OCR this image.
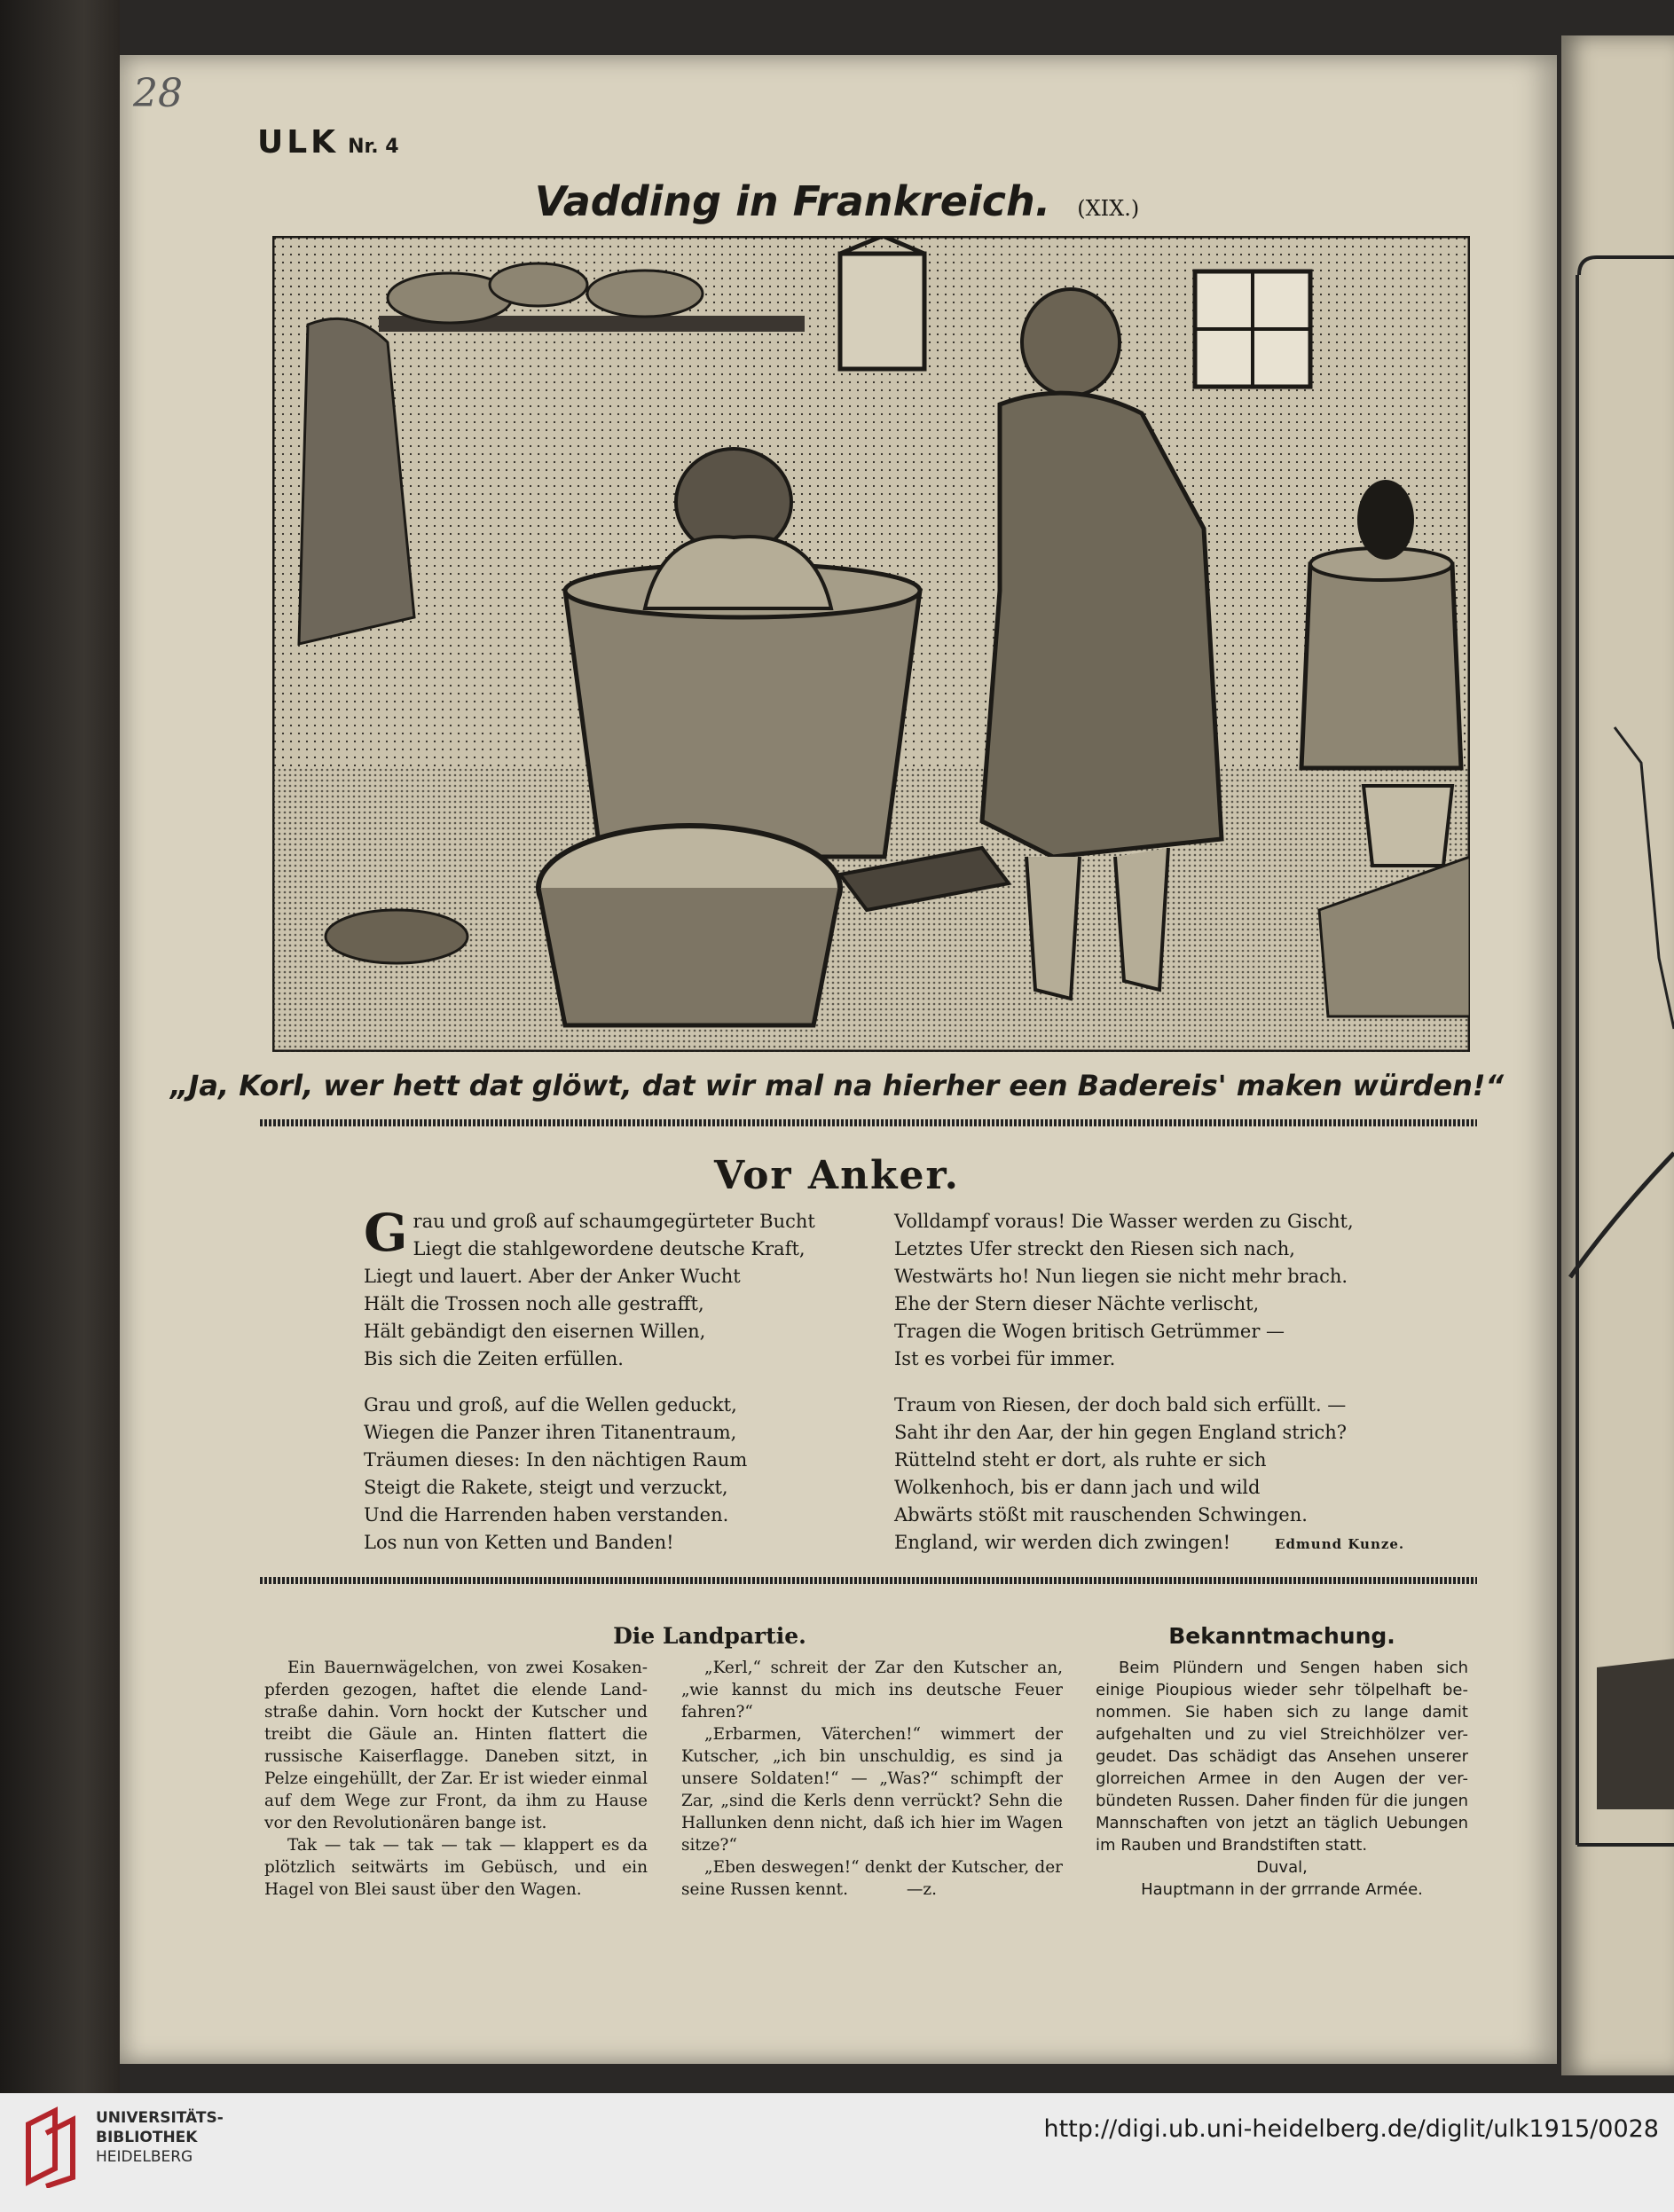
28
ULK Nr. 4
Vadding in Frankreich. (XIX.)
„Ja, Korl, wer hett dat glöwt, dat wir mal na hierher een Badereis' maken würden!“
Vor Anker.
Grau und groß auf schaumgegürteter Bucht
Liegt die stahlgewordene deutsche Kraft,
Liegt und lauert. Aber der Anker Wucht
Hält die Trossen noch alle gestrafft,
Hält gebändigt den eisernen Willen,
Bis sich die Zeiten erfüllen.
Grau und groß, auf die Wellen geduckt,
Wiegen die Panzer ihren Titanentraum,
Träumen dieses: In den nächtigen Raum
Steigt die Rakete, steigt und verzuckt,
Und die Harrenden haben verstanden.
Los nun von Ketten und Banden!
Volldampf voraus! Die Wasser werden zu Gischt,
Letztes Ufer streckt den Riesen sich nach,
Westwärts ho! Nun liegen sie nicht mehr brach.
Ehe der Stern dieser Nächte verlischt,
Tragen die Wogen britisch Getrümmer —
Ist es vorbei für immer.
Traum von Riesen, der doch bald sich erfüllt. —
Saht ihr den Aar, der hin gegen England strich?
Rüttelnd steht er dort, als ruhte er sich
Wolkenhoch, bis er dann jach und wild
Abwärts stößt mit rauschenden Schwingen.
England, wir werden dich zwingen!	Edmund Kunze.
Die Landpartie.

Ein Bauernwägelchen, von zwei Kosaken-pferden gezogen, haftet die elende Land-straße dahin. Vorn hockt der Kutscher und treibt die Gäule an. Hinten flattert die russische Kaiserflagge. Daneben sitzt, in Pelze eingehüllt, der Zar. Er ist wieder einmal auf dem Wege zur Front, da ihm zu Hause vor den Revolutionären bange ist.

Tak — tak — tak — tak — klappert es da plötzlich seitwärts im Gebüsch, und ein Hagel von Blei saust über den Wagen.

„Kerl,“ schreit der Zar den Kutscher an, „wie kannst du mich ins deutsche Feuer fahren?“

„Erbarmen, Väterchen!“ wimmert der Kutscher, „ich bin unschuldig, es sind ja unsere Soldaten!“ — „Was?“ schimpft der Zar, „sind die Kerls denn verrückt? Sehn die Hallunken denn nicht, daß ich hier im Wagen sitze?“

„Eben deswegen!“ denkt der Kutscher, der seine Russen kennt.	—z.

Bekanntmachung.

Beim Plündern und Sengen haben sich einige Pioupious wieder sehr tölpelhaft be-nommen. Sie haben sich zu lange damit aufgehalten und zu viel Streichhölzer ver-geudet. Das schädigt das Ansehen unserer glorreichen Armee in den Augen der ver-bündeten Russen. Daher finden für die jungen Mannschaften von jetzt an täglich Uebungen im Rauben und Brandstiften statt.

Duval,

Hauptmann in der grrrande Armée.

UNIVERSITÄTS-
BIBLIOTHEK
HEIDELBERG
http://digi.ub.uni-heidelberg.de/diglit/ulk1915/0028
